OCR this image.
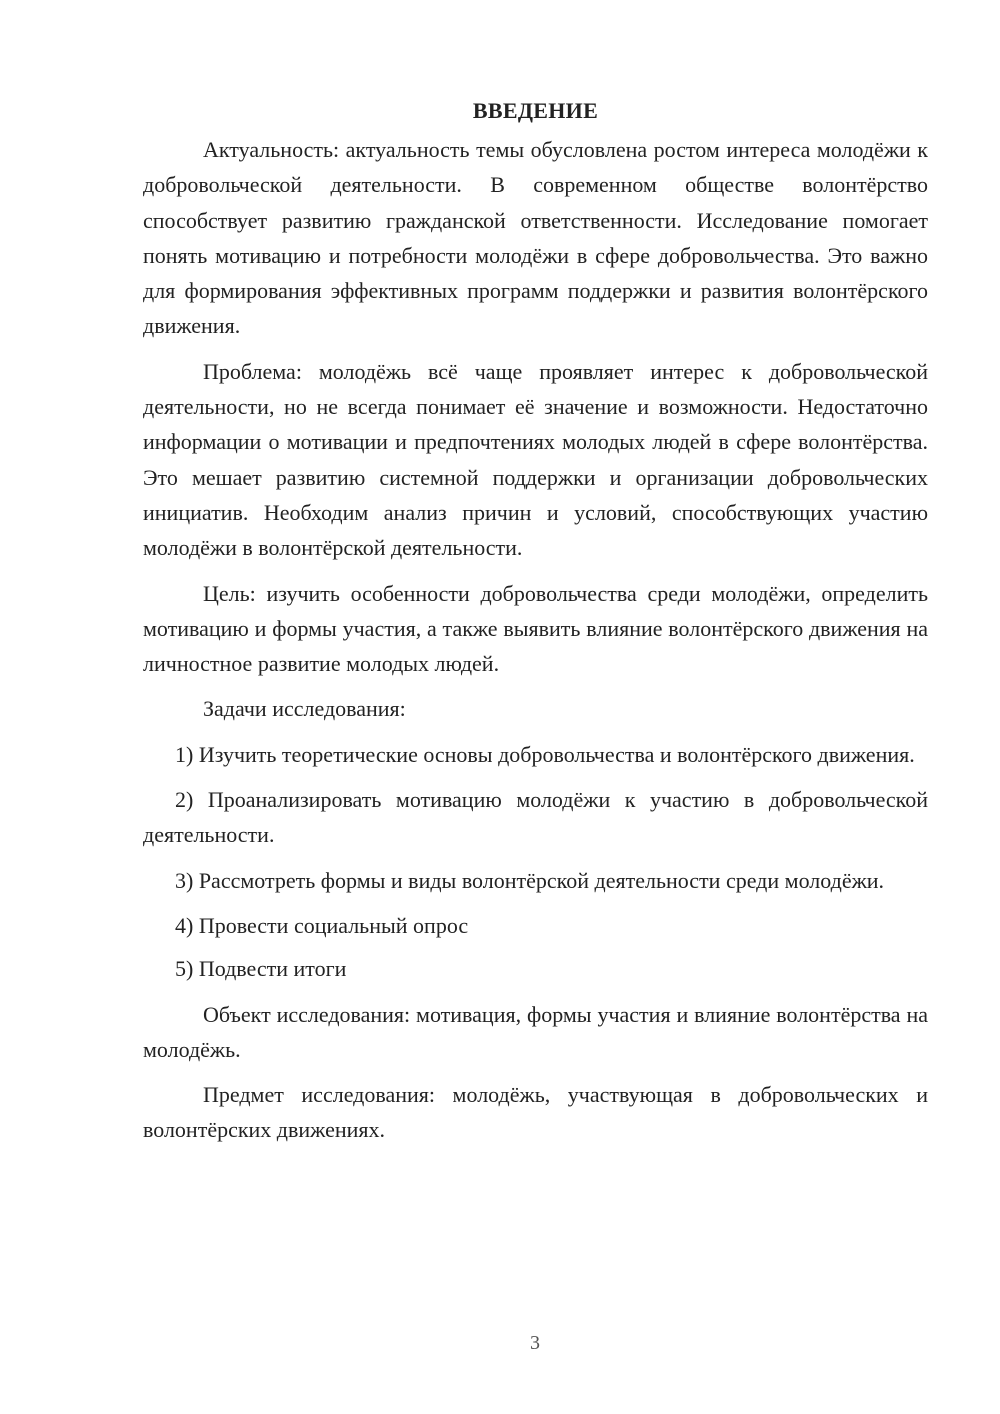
ВВЕДЕНИЕ

Актуальность: актуальность темы обусловлена ростом интереса молодёжи к добровольческой деятельности. В современном обществе волонтёрство способствует развитию гражданской ответственности. Исследование помогает понять мотивацию и потребности молодёжи в сфере добровольчества. Это важно для формирования эффективных программ поддержки и развития волонтёрского движения.

Проблема: молодёжь всё чаще проявляет интерес к добровольческой деятельности, но не всегда понимает её значение и возможности. Недостаточно информации о мотивации и предпочтениях молодых людей в сфере волонтёрства. Это мешает развитию системной поддержки и организации добровольческих инициатив. Необходим анализ причин и условий, способствующих участию молодёжи в волонтёрской деятельности.

Цель: изучить особенности добровольчества среди молодёжи, определить мотивацию и формы участия, а также выявить влияние волонтёрского движения на личностное развитие молодых людей.

Задачи исследования:

1) Изучить теоретические основы добровольчества и волонтёрского движения.

2) Проанализировать мотивацию молодёжи к участию в добровольческой деятельности.

3) Рассмотреть формы и виды волонтёрской деятельности среди молодёжи.

4) Провести социальный опрос

5) Подвести итоги

Объект исследования: мотивация, формы участия и влияние волонтёрства на молодёжь.

Предмет исследования: молодёжь, участвующая в добровольческих и волонтёрских движениях.

3
